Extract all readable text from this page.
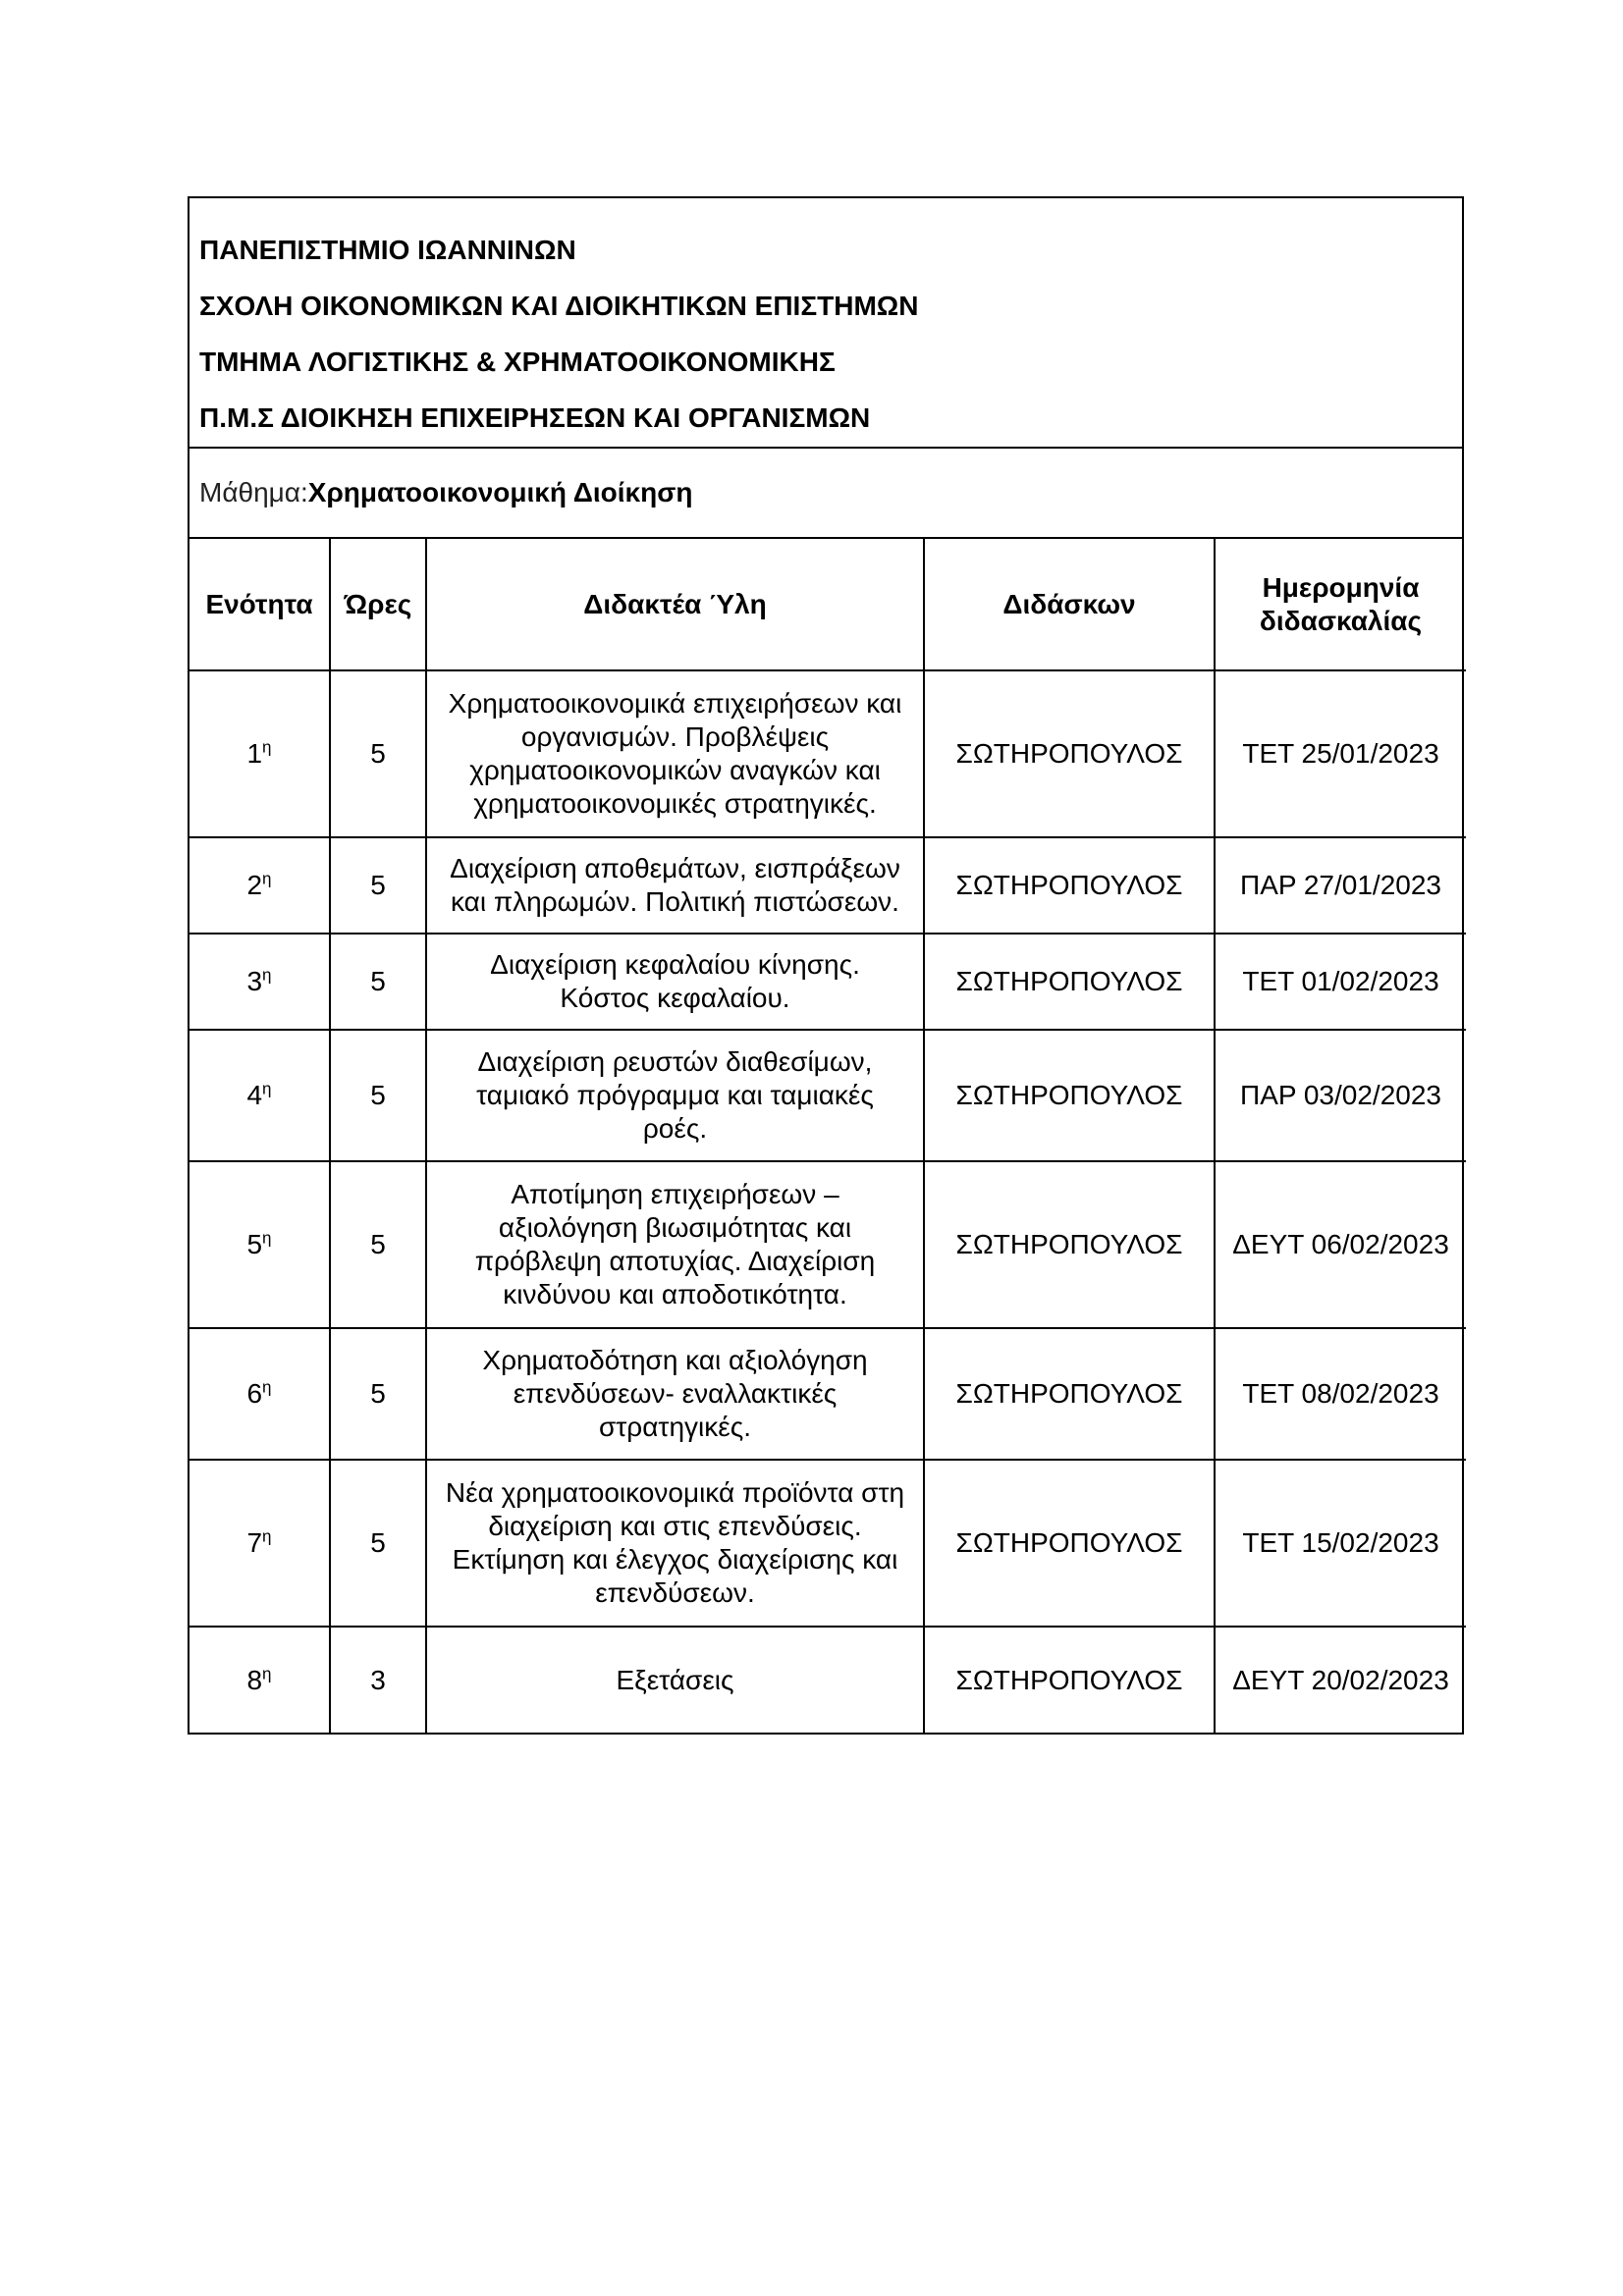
ΠΑΝΕΠΙΣΤΗΜΙΟ ΙΩΑΝΝΙΝΩΝ
ΣΧΟΛΗ ΟΙΚΟΝΟΜΙΚΩΝ ΚΑΙ ΔΙΟΙΚΗΤΙΚΩΝ ΕΠΙΣΤΗΜΩΝ
ΤΜΗΜΑ ΛΟΓΙΣΤΙΚΗΣ & ΧΡΗΜΑΤΟΟΙΚΟΝΟΜΙΚΗΣ
Π.Μ.Σ ΔΙΟΙΚΗΣΗ ΕΠΙΧΕΙΡΗΣΕΩΝ ΚΑΙ ΟΡΓΑΝΙΣΜΩΝ
Μάθημα: Χρηματοοικονομική Διοίκηση
Ενότητα	Ώρες	Διδακτέα Ύλη	Διδάσκων	Ημερομηνία
διδασκαλίας

$1^\eta$	5	Χρηματοοικονομικά επιχειρήσεων και
οργανισμών. Προβλέψεις
χρηματοοικονομικών αναγκών και
χρηματοοικονομικές στρατηγικές.	ΣΩΤΗΡΟΠΟΥΛΟΣ	ΤΕΤ 25/01/2023
$2^\eta$	5	Διαχείριση αποθεμάτων, εισπράξεων
και πληρωμών. Πολιτική πιστώσεων.	ΣΩΤΗΡΟΠΟΥΛΟΣ	ΠΑΡ 27/01/2023
$3^\eta$	5	Διαχείριση κεφαλαίου κίνησης.
Κόστος κεφαλαίου.	ΣΩΤΗΡΟΠΟΥΛΟΣ	ΤΕΤ 01/02/2023
$4^\eta$	5	Διαχείριση ρευστών διαθεσίμων,
ταμιακό πρόγραμμα και ταμιακές
ροές.	ΣΩΤΗΡΟΠΟΥΛΟΣ	ΠΑΡ 03/02/2023
$5^\eta$	5	Αποτίμηση επιχειρήσεων –
αξιολόγηση βιωσιμότητας και
πρόβλεψη αποτυχίας. Διαχείριση
κινδύνου και αποδοτικότητα.	ΣΩΤΗΡΟΠΟΥΛΟΣ	ΔΕΥΤ 06/02/2023
$6^\eta$	5	Χρηματοδότηση και αξιολόγηση
επενδύσεων- εναλλακτικές
στρατηγικές.	ΣΩΤΗΡΟΠΟΥΛΟΣ	ΤΕΤ 08/02/2023
$7^\eta$	5	Νέα χρηματοοικονομικά προϊόντα στη
διαχείριση και στις επενδύσεις.
Εκτίμηση και έλεγχος διαχείρισης και
επενδύσεων.	ΣΩΤΗΡΟΠΟΥΛΟΣ	ΤΕΤ 15/02/2023
$8^\eta$	3	Εξετάσεις	ΣΩΤΗΡΟΠΟΥΛΟΣ	ΔΕΥΤ 20/02/2023
